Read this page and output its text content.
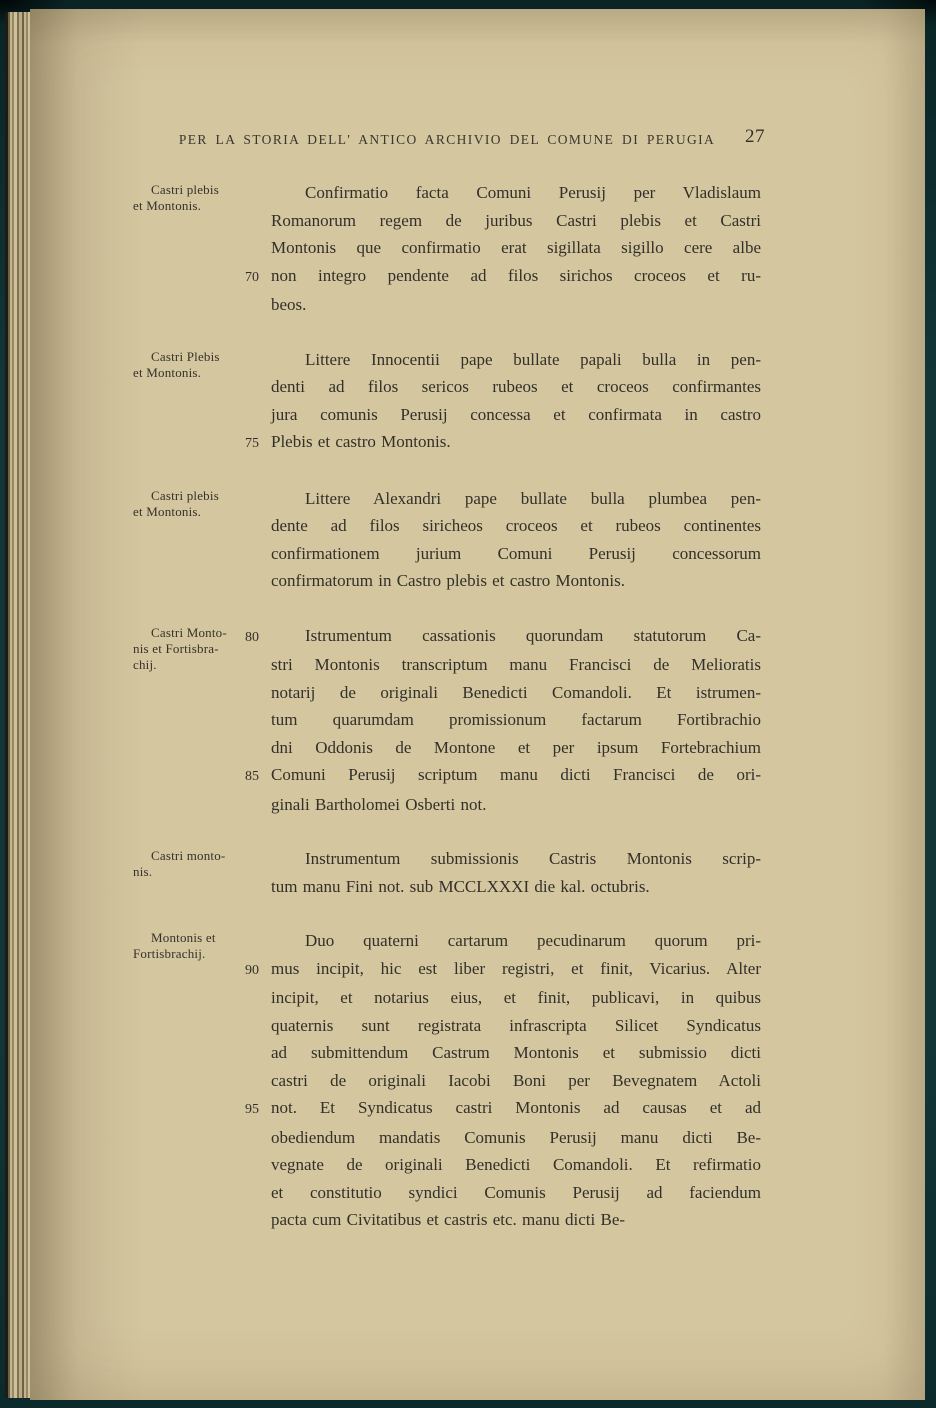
PER LA STORIA DELL' ANTICO ARCHIVIO DEL COMUNE DI PERUGIA 27
Castri plebis
et Montonis.
Confirmatio facta Comuni Perusij per Vladislaum
Romanorum regem de juribus Castri plebis et Castri
Montonis que confirmatio erat sigillata sigillo cere albe
70 non integro pendente ad filos sirichos croceos et ru-
beos.
Castri Plebis
et Montonis.
Littere Innocentii pape bullate papali bulla in pen-
denti ad filos sericos rubeos et croceos confirmantes
jura comunis Perusij concessa et confirmata in castro
75 Plebis et castro Montonis.
Castri plebis
et Montonis.
Littere Alexandri pape bullate bulla plumbea pen-
dente ad filos siricheos croceos et rubeos continentes
confirmationem jurium Comuni Perusij concessorum
confirmatorum in Castro plebis et castro Montonis.
Castri Monto-
nis et Fortisbra-
chij.
80	Istrumentum cassationis quorundam statutorum Ca-
stri Montonis transcriptum manu Francisci de Melioratis
notarij de originali Benedicti Comandoli. Et istrumen-
tum quarumdam promissionum factarum Fortibrachio
dni Oddonis de Montone et per ipsum Fortebrachium
85 Comuni Perusij scriptum manu dicti Francisci de ori-
ginali Bartholomei Osberti not.
Castri monto-
nis.
Instrumentum submissionis Castris Montonis scrip-
tum manu Fini not. sub MCCLXXXI die kal. octubris.
Montonis et
Fortisbrachij.
Duo quaterni cartarum pecudinarum quorum pri-
90 mus incipit, hic est liber registri, et finit, Vicarius. Alter
incipit, et notarius eius, et finit, publicavi, in quibus
quaternis sunt registrata infrascripta Silicet Syndicatus
ad submittendum Castrum Montonis et submissio dicti
castri de originali Iacobi Boni per Bevegnatem Actoli
95 not. Et Syndicatus castri Montonis ad causas et ad
obediendum mandatis Comunis Perusij manu dicti Be-
vegnate de originali Benedicti Comandoli. Et refirmatio
et constitutio syndici Comunis Perusij ad faciendum
pacta cum Civitatibus et castris etc. manu dicti Be-
